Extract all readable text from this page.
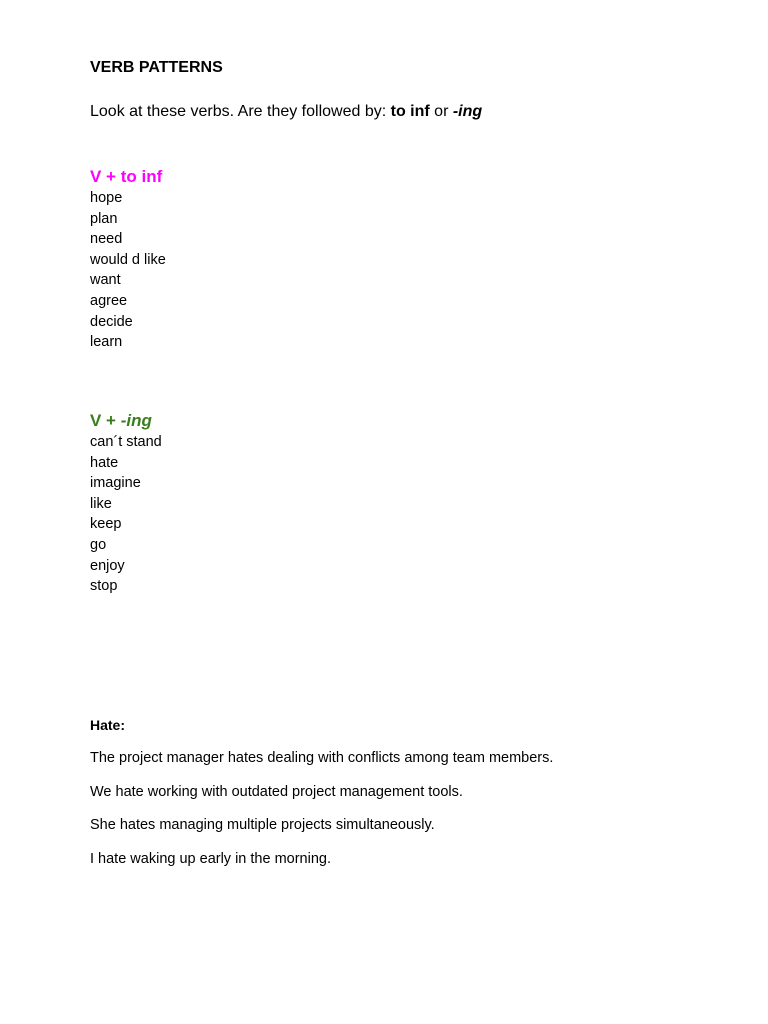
VERB PATTERNS

Look at these verbs. Are they followed by: to inf or -ing

V + to inf
hope
plan
need
would d like
want
agree
decide
learn
V + -ing
can´t stand
hate
imagine
like
keep
go
enjoy
stop

Hate:

The project manager hates dealing with conflicts among team members.

We hate working with outdated project management tools.

She hates managing multiple projects simultaneously.

I hate waking up early in the morning.
